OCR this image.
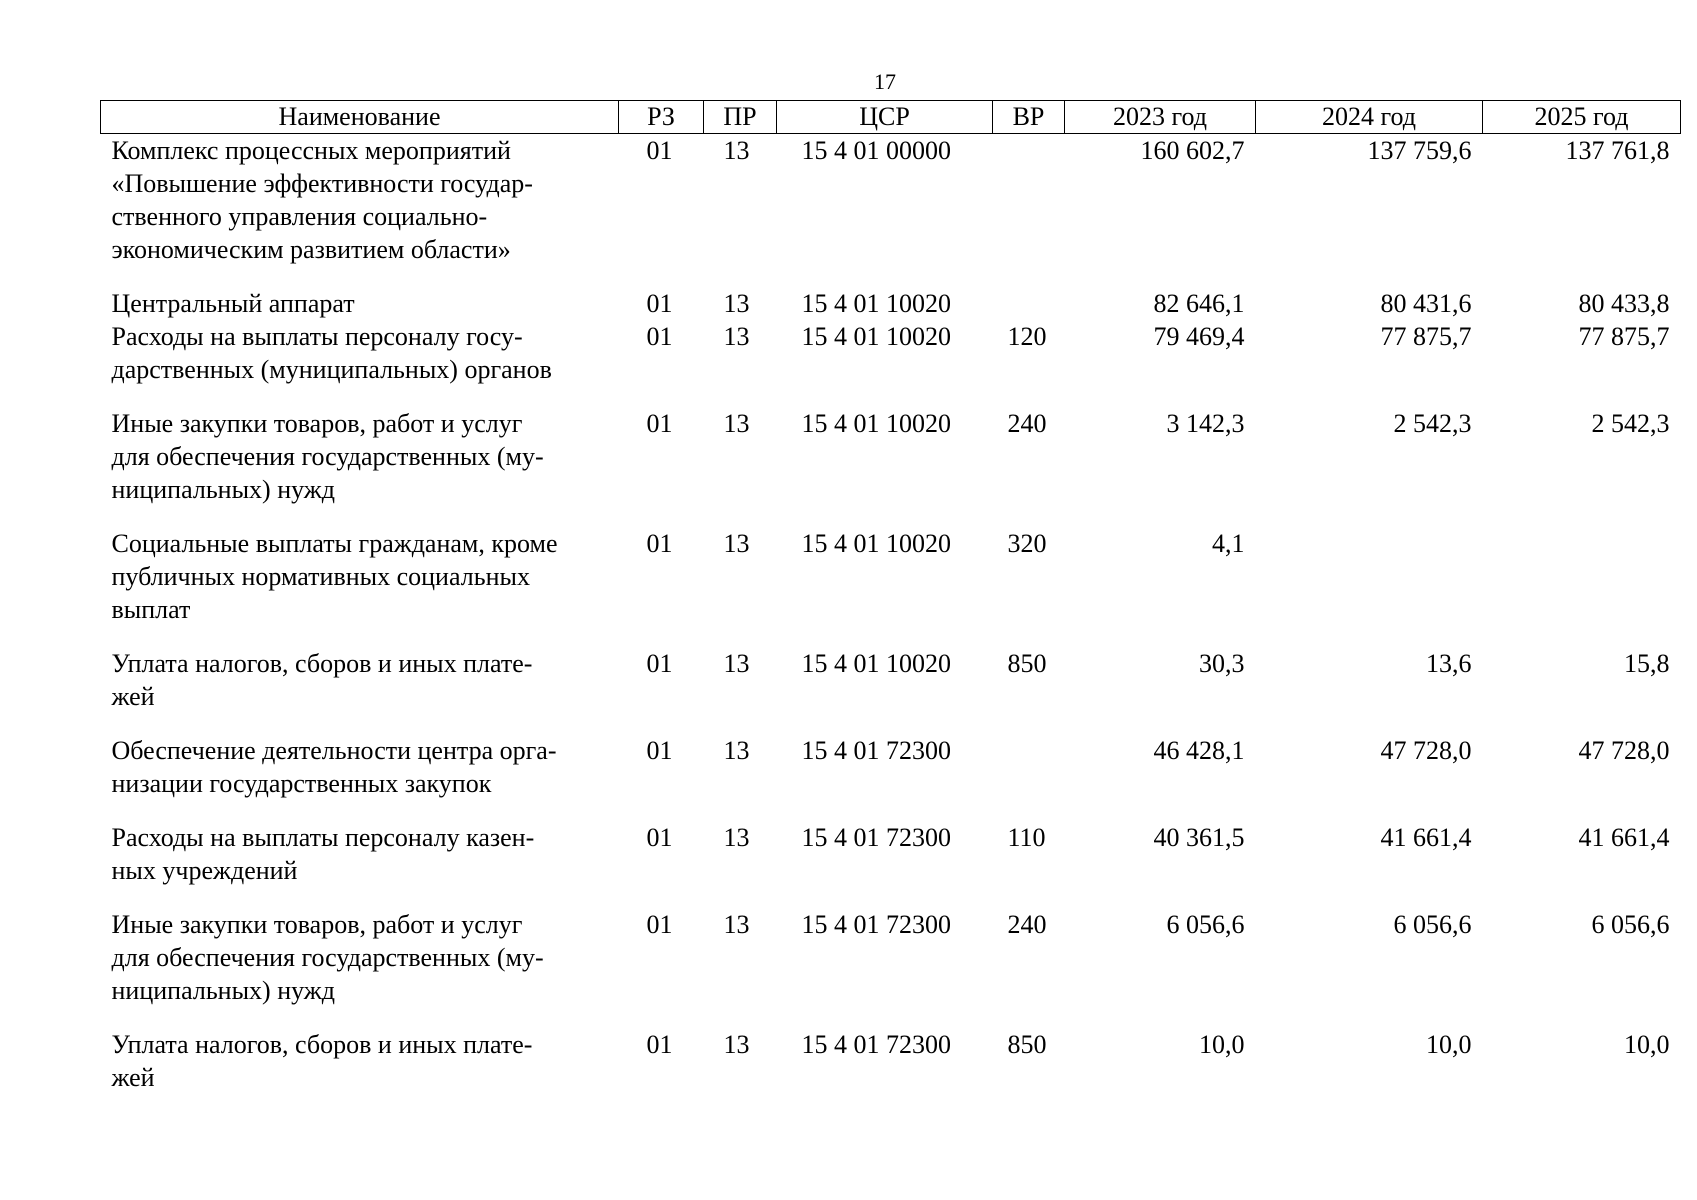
17
Наименование	РЗ	ПР	ЦСР	ВР	2023 год	2024 год	2025 год
Комплекс процессных мероприятий
«Повышение эффективности государ-
ственного управления социально-
экономическим развитием области»	01	13	15 4 01 00000		160 602,7	137 759,6	137 761,8
Центральный аппарат	01	13	15 4 01 10020		82 646,1	80 431,6	80 433,8
Расходы на выплаты персоналу госу-
дарственных (муниципальных) органов	01	13	15 4 01 10020	120	79 469,4	77 875,7	77 875,7
Иные закупки товаров, работ и услуг
для обеспечения государственных (му-
ниципальных) нужд	01	13	15 4 01 10020	240	3 142,3	2 542,3	2 542,3
Социальные выплаты гражданам, кроме
публичных нормативных социальных
выплат	01	13	15 4 01 10020	320	4,1		
Уплата налогов, сборов и иных плате-
жей	01	13	15 4 01 10020	850	30,3	13,6	15,8
Обеспечение деятельности центра орга-
низации государственных закупок	01	13	15 4 01 72300		46 428,1	47 728,0	47 728,0
Расходы на выплаты персоналу казен-
ных учреждений	01	13	15 4 01 72300	110	40 361,5	41 661,4	41 661,4
Иные закупки товаров, работ и услуг
для обеспечения государственных (му-
ниципальных) нужд	01	13	15 4 01 72300	240	6 056,6	6 056,6	6 056,6
Уплата налогов, сборов и иных плате-
жей	01	13	15 4 01 72300	850	10,0	10,0	10,0
